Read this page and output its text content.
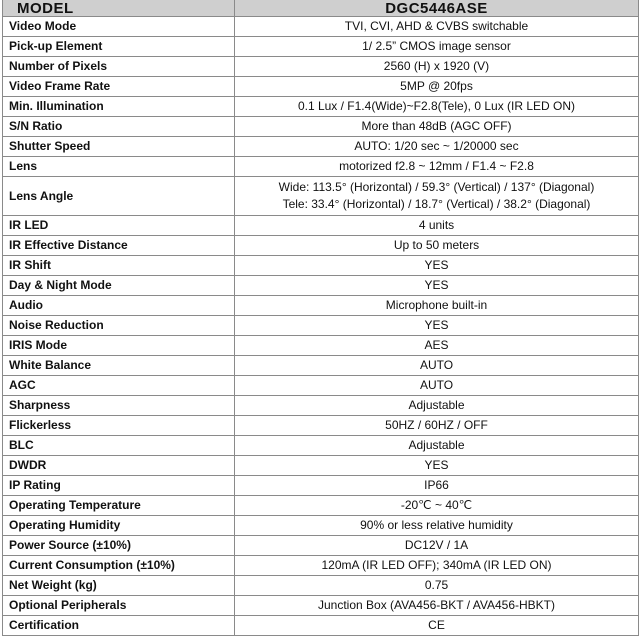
MODEL	DGC5446ASE
Video Mode	TVI, CVI, AHD & CVBS switchable
Pick-up Element	1/ 2.5” CMOS image sensor
Number of Pixels	2560 (H) x 1920 (V)
Video Frame Rate	5MP @ 20fps
Min. Illumination	0.1 Lux / F1.4(Wide)~F2.8(Tele), 0 Lux (IR LED ON)
S/N Ratio	More than 48dB (AGC OFF)
Shutter Speed	AUTO: 1/20 sec ~ 1/20000 sec
Lens	motorized f2.8 ~ 12mm / F1.4 ~ F2.8
Lens Angle	Wide: 113.5° (Horizontal) / 59.3° (Vertical) / 137° (Diagonal)
Tele: 33.4° (Horizontal) / 18.7° (Vertical) / 38.2° (Diagonal)

IR LED	4 units
IR Effective Distance	Up to 50 meters
IR Shift	YES
Day & Night Mode	YES
Audio	Microphone built-in
Noise Reduction	YES
IRIS Mode	AES
White Balance	AUTO
AGC	AUTO
Sharpness	Adjustable
Flickerless	50HZ / 60HZ / OFF
BLC	Adjustable
DWDR	YES
IP Rating	IP66
Operating Temperature	-20℃ ~ 40℃
Operating Humidity	90% or less relative humidity
Power Source (±10%)	DC12V / 1A
Current Consumption (±10%)	120mA (IR LED OFF); 340mA (IR LED ON)
Net Weight (kg)	0.75
Optional Peripherals	Junction Box (AVA456-BKT / AVA456-HBKT)
Certification	CE
